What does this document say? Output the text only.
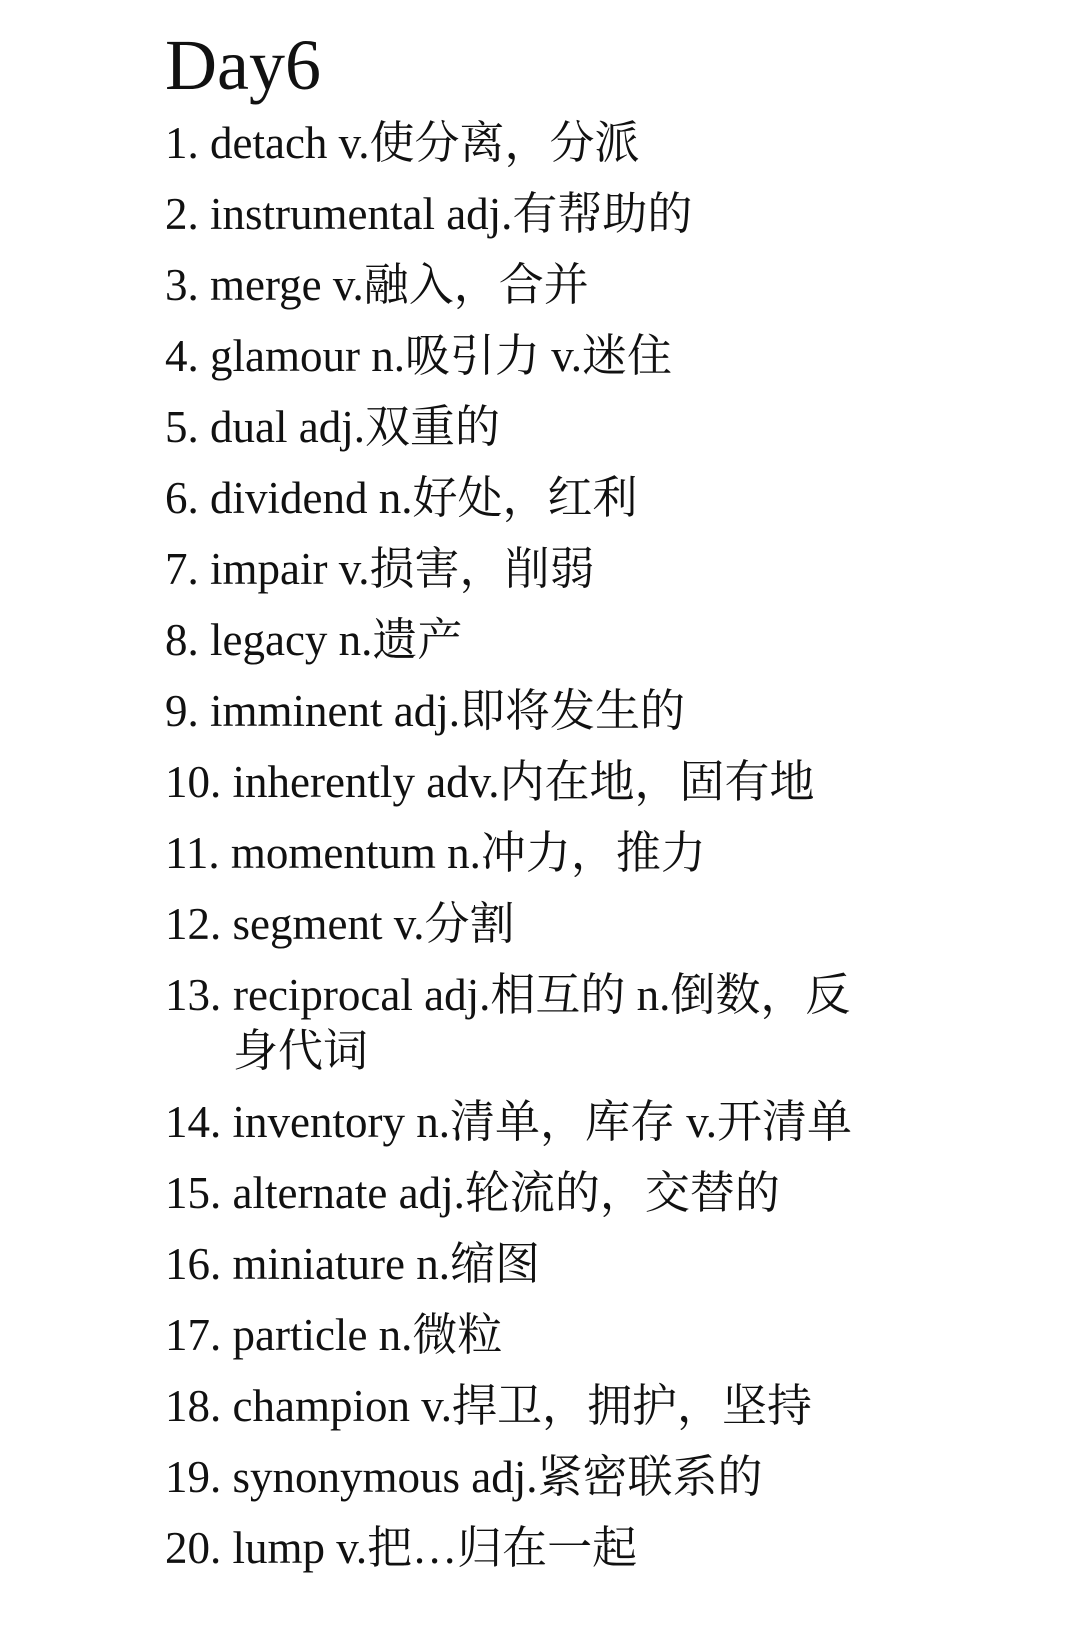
Day6
1. detach v.使分离，分派
2. instrumental adj.有帮助的
3. merge v.融入，合并
4. glamour n.吸引力 v.迷住
5. dual adj.双重的
6. dividend n.好处，红利
7. impair v.损害，削弱
8. legacy n.遗产
9. imminent adj.即将发生的
10. inherently adv.内在地，固有地
11. momentum n.冲力，推力
12. segment v.分割
13. reciprocal adj.相互的 n.倒数，反身代词
14. inventory n.清单，库存 v.开清单
15. alternate adj.轮流的，交替的
16. miniature n.缩图
17. particle n.微粒
18. champion v.捍卫，拥护，坚持
19. synonymous adj.紧密联系的
20. lump v.把…归在一起
